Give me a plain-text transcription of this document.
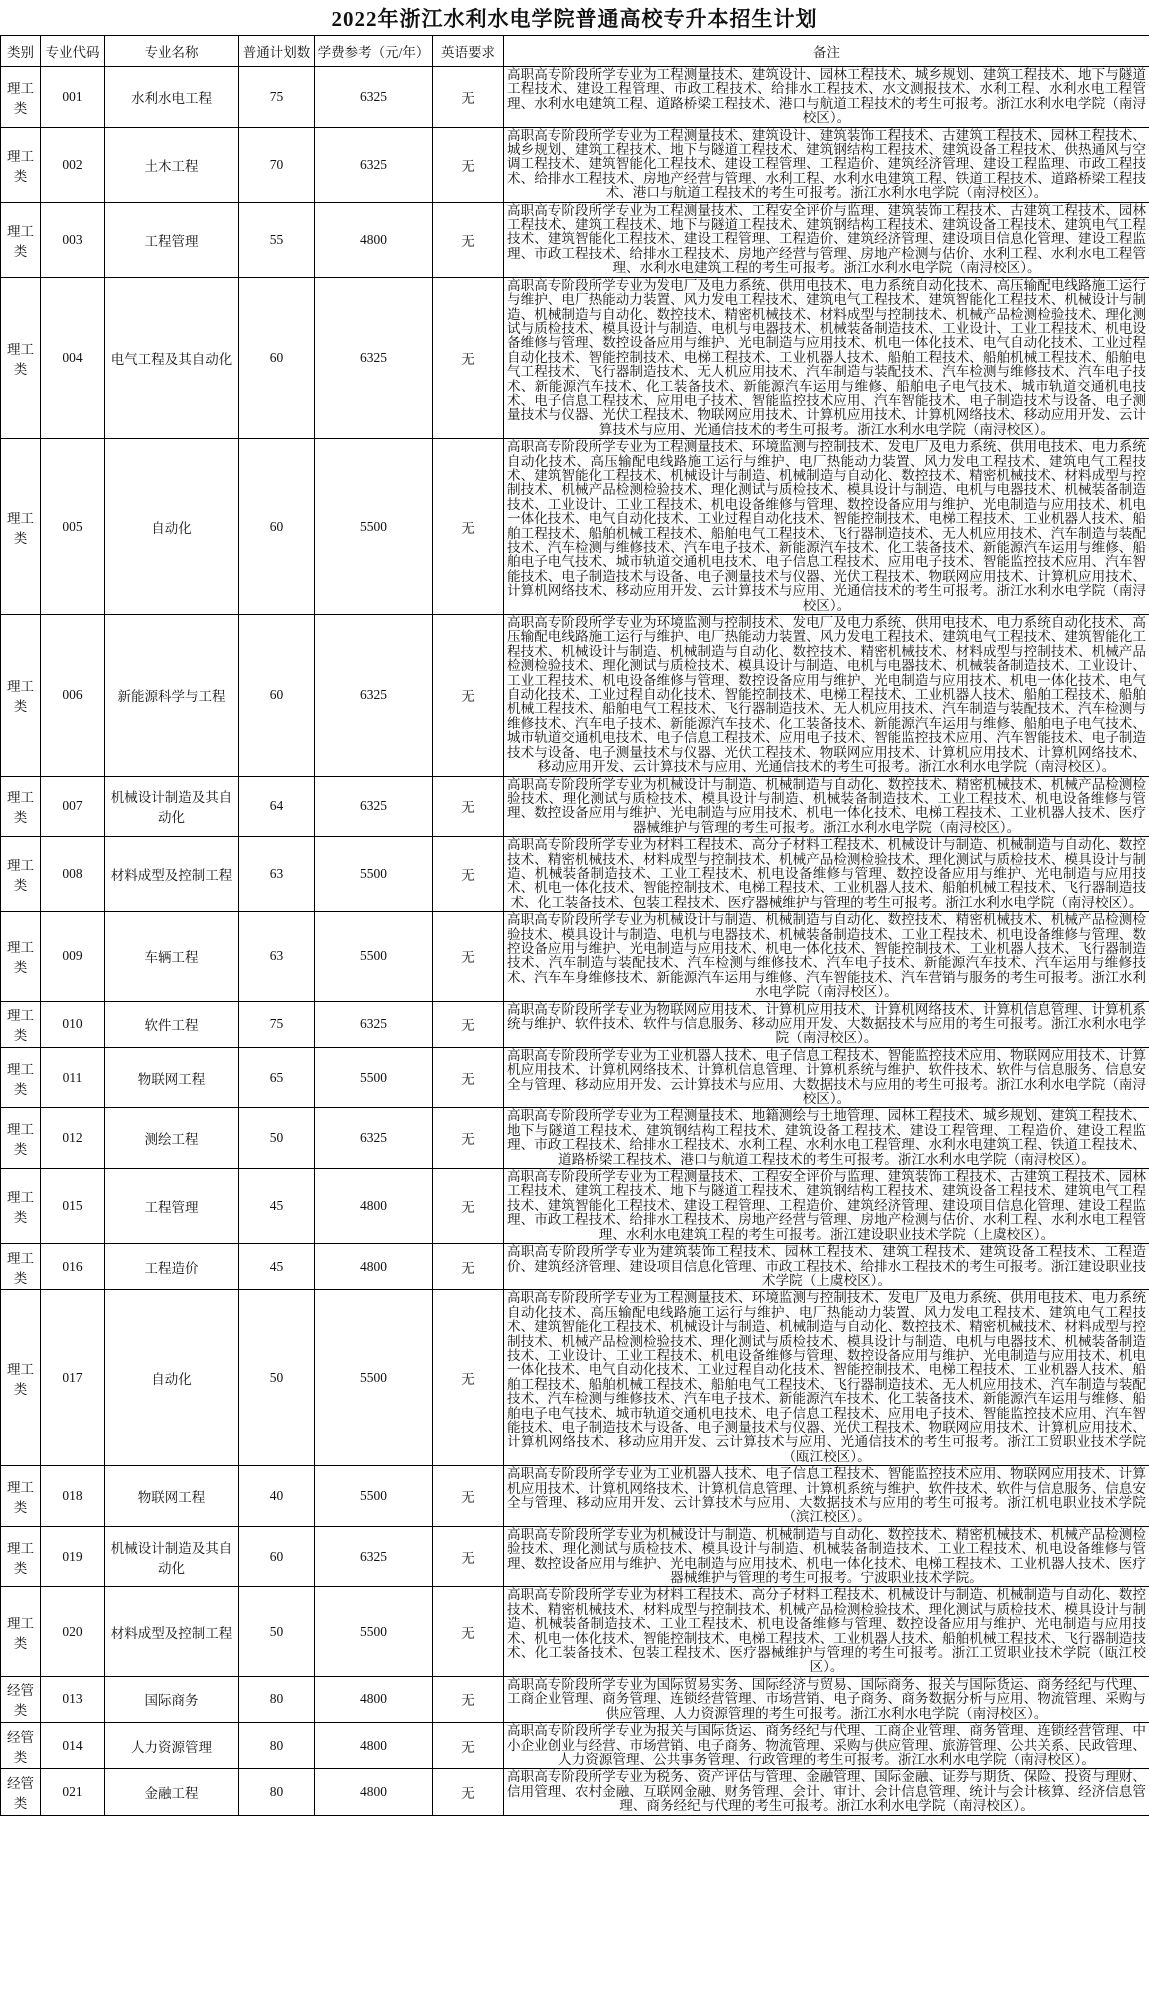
2022年浙江水利水电学院普通高校专升本招生计划
类别	专业代码	专业名称	普通计划数	学费参考（元/年）	英语要求	备注
理工类	001	水利水电工程	75	6325	无	高职高专阶段所学专业为工程测量技术、建筑设计、园林工程技术、城乡规划、建筑工程技术、地下与隧道工程技术、建设工程管理、市政工程技术、给排水工程技术、水文测报技术、水利工程、水利水电工程管理、水利水电建筑工程、道路桥梁工程技术、港口与航道工程技术的考生可报考。浙江水利水电学院（南浔校区）。
理工类	002	土木工程	70	6325	无	高职高专阶段所学专业为工程测量技术、建筑设计、建筑装饰工程技术、古建筑工程技术、园林工程技术、城乡规划、建筑工程技术、地下与隧道工程技术、建筑钢结构工程技术、建筑设备工程技术、供热通风与空调工程技术、建筑智能化工程技术、建设工程管理、工程造价、建筑经济管理、建设工程监理、市政工程技术、给排水工程技术、房地产经营与管理、水利工程、水利水电建筑工程、铁道工程技术、道路桥梁工程技术、港口与航道工程技术的考生可报考。浙江水利水电学院（南浔校区）。
理工类	003	工程管理	55	4800	无	高职高专阶段所学专业为工程测量技术、工程安全评价与监理、建筑装饰工程技术、古建筑工程技术、园林工程技术、建筑工程技术、地下与隧道工程技术、建筑钢结构工程技术、建筑设备工程技术、建筑电气工程技术、建筑智能化工程技术、建设工程管理、工程造价、建筑经济管理、建设项目信息化管理、建设工程监理、市政工程技术、给排水工程技术、房地产经营与管理、房地产检测与估价、水利工程、水利水电工程管理、水利水电建筑工程的考生可报考。浙江水利水电学院（南浔校区）。
理工类	004	电气工程及其自动化	60	6325	无	高职高专阶段所学专业为发电厂及电力系统、供用电技术、电力系统自动化技术、高压输配电线路施工运行与维护、电厂热能动力装置、风力发电工程技术、建筑电气工程技术、建筑智能化工程技术、机械设计与制造、机械制造与自动化、数控技术、精密机械技术、材料成型与控制技术、机械产品检测检验技术、理化测试与质检技术、模具设计与制造、电机与电器技术、机械装备制造技术、工业设计、工业工程技术、机电设备维修与管理、数控设备应用与维护、光电制造与应用技术、机电一体化技术、电气自动化技术、工业过程自动化技术、智能控制技术、电梯工程技术、工业机器人技术、船舶工程技术、船舶机械工程技术、船舶电气工程技术、飞行器制造技术、无人机应用技术、汽车制造与装配技术、汽车检测与维修技术、汽车电子技术、新能源汽车技术、化工装备技术、新能源汽车运用与维修、船舶电子电气技术、城市轨道交通机电技术、电子信息工程技术、应用电子技术、智能监控技术应用、汽车智能技术、电子制造技术与设备、电子测量技术与仪器、光伏工程技术、物联网应用技术、计算机应用技术、计算机网络技术、移动应用开发、云计算技术与应用、光通信技术的考生可报考。浙江水利水电学院（南浔校区）。
理工类	005	自动化	60	5500	无	高职高专阶段所学专业为工程测量技术、环境监测与控制技术、发电厂及电力系统、供用电技术、电力系统自动化技术、高压输配电线路施工运行与维护、电厂热能动力装置、风力发电工程技术、建筑电气工程技术、建筑智能化工程技术、机械设计与制造、机械制造与自动化、数控技术、精密机械技术、材料成型与控制技术、机械产品检测检验技术、理化测试与质检技术、模具设计与制造、电机与电器技术、机械装备制造技术、工业设计、工业工程技术、机电设备维修与管理、数控设备应用与维护、光电制造与应用技术、机电一体化技术、电气自动化技术、工业过程自动化技术、智能控制技术、电梯工程技术、工业机器人技术、船舶工程技术、船舶机械工程技术、船舶电气工程技术、飞行器制造技术、无人机应用技术、汽车制造与装配技术、汽车检测与维修技术、汽车电子技术、新能源汽车技术、化工装备技术、新能源汽车运用与维修、船舶电子电气技术、城市轨道交通机电技术、电子信息工程技术、应用电子技术、智能监控技术应用、汽车智能技术、电子制造技术与设备、电子测量技术与仪器、光伏工程技术、物联网应用技术、计算机应用技术、计算机网络技术、移动应用开发、云计算技术与应用、光通信技术的考生可报考。浙江水利水电学院（南浔校区）。
理工类	006	新能源科学与工程	60	6325	无	高职高专阶段所学专业为环境监测与控制技术、发电厂及电力系统、供用电技术、电力系统自动化技术、高压输配电线路施工运行与维护、电厂热能动力装置、风力发电工程技术、建筑电气工程技术、建筑智能化工程技术、机械设计与制造、机械制造与自动化、数控技术、精密机械技术、材料成型与控制技术、机械产品检测检验技术、理化测试与质检技术、模具设计与制造、电机与电器技术、机械装备制造技术、工业设计、工业工程技术、机电设备维修与管理、数控设备应用与维护、光电制造与应用技术、机电一体化技术、电气自动化技术、工业过程自动化技术、智能控制技术、电梯工程技术、工业机器人技术、船舶工程技术、船舶机械工程技术、船舶电气工程技术、飞行器制造技术、无人机应用技术、汽车制造与装配技术、汽车检测与维修技术、汽车电子技术、新能源汽车技术、化工装备技术、新能源汽车运用与维修、船舶电子电气技术、城市轨道交通机电技术、电子信息工程技术、应用电子技术、智能监控技术应用、汽车智能技术、电子制造技术与设备、电子测量技术与仪器、光伏工程技术、物联网应用技术、计算机应用技术、计算机网络技术、移动应用开发、云计算技术与应用、光通信技术的考生可报考。浙江水利水电学院（南浔校区）。
理工类	007	机械设计制造及其自动化	64	6325	无	高职高专阶段所学专业为机械设计与制造、机械制造与自动化、数控技术、精密机械技术、机械产品检测检验技术、理化测试与质检技术、模具设计与制造、机械装备制造技术、工业工程技术、机电设备维修与管理、数控设备应用与维护、光电制造与应用技术、机电一体化技术、电梯工程技术、工业机器人技术、医疗器械维护与管理的考生可报考。浙江水利水电学院（南浔校区）。
理工类	008	材料成型及控制工程	63	5500	无	高职高专阶段所学专业为材料工程技术、高分子材料工程技术、机械设计与制造、机械制造与自动化、数控技术、精密机械技术、材料成型与控制技术、机械产品检测检验技术、理化测试与质检技术、模具设计与制造、机械装备制造技术、工业工程技术、机电设备维修与管理、数控设备应用与维护、光电制造与应用技术、机电一体化技术、智能控制技术、电梯工程技术、工业机器人技术、船舶机械工程技术、飞行器制造技术、化工装备技术、包装工程技术、医疗器械维护与管理的考生可报考。浙江水利水电学院（南浔校区）。
理工类	009	车辆工程	63	5500	无	高职高专阶段所学专业为机械设计与制造、机械制造与自动化、数控技术、精密机械技术、机械产品检测检验技术、模具设计与制造、电机与电器技术、机械装备制造技术、工业工程技术、机电设备维修与管理、数控设备应用与维护、光电制造与应用技术、机电一体化技术、智能控制技术、工业机器人技术、飞行器制造技术、汽车制造与装配技术、汽车检测与维修技术、汽车电子技术、新能源汽车技术、汽车运用与维修技术、汽车车身维修技术、新能源汽车运用与维修、汽车智能技术、汽车营销与服务的考生可报考。浙江水利水电学院（南浔校区）。
理工类	010	软件工程	75	6325	无	高职高专阶段所学专业为物联网应用技术、计算机应用技术、计算机网络技术、计算机信息管理、计算机系统与维护、软件技术、软件与信息服务、移动应用开发、大数据技术与应用的考生可报考。浙江水利水电学院（南浔校区）。
理工类	011	物联网工程	65	5500	无	高职高专阶段所学专业为工业机器人技术、电子信息工程技术、智能监控技术应用、物联网应用技术、计算机应用技术、计算机网络技术、计算机信息管理、计算机系统与维护、软件技术、软件与信息服务、信息安全与管理、移动应用开发、云计算技术与应用、大数据技术与应用的考生可报考。浙江水利水电学院（南浔校区）。
理工类	012	测绘工程	50	6325	无	高职高专阶段所学专业为工程测量技术、地籍测绘与土地管理、园林工程技术、城乡规划、建筑工程技术、地下与隧道工程技术、建筑钢结构工程技术、建筑设备工程技术、建设工程管理、工程造价、建设工程监理、市政工程技术、给排水工程技术、水利工程、水利水电工程管理、水利水电建筑工程、铁道工程技术、道路桥梁工程技术、港口与航道工程技术的考生可报考。浙江水利水电学院（南浔校区）。
理工类	015	工程管理	45	4800	无	高职高专阶段所学专业为工程测量技术、工程安全评价与监理、建筑装饰工程技术、古建筑工程技术、园林工程技术、建筑工程技术、地下与隧道工程技术、建筑钢结构工程技术、建筑设备工程技术、建筑电气工程技术、建筑智能化工程技术、建设工程管理、工程造价、建筑经济管理、建设项目信息化管理、建设工程监理、市政工程技术、给排水工程技术、房地产经营与管理、房地产检测与估价、水利工程、水利水电工程管理、水利水电建筑工程的考生可报考。浙江建设职业技术学院（上虞校区）。
理工类	016	工程造价	45	4800	无	高职高专阶段所学专业为建筑装饰工程技术、园林工程技术、建筑工程技术、建筑设备工程技术、工程造价、建筑经济管理、建设项目信息化管理、市政工程技术、给排水工程技术的考生可报考。浙江建设职业技术学院（上虞校区）。
理工类	017	自动化	50	5500	无	高职高专阶段所学专业为工程测量技术、环境监测与控制技术、发电厂及电力系统、供用电技术、电力系统自动化技术、高压输配电线路施工运行与维护、电厂热能动力装置、风力发电工程技术、建筑电气工程技术、建筑智能化工程技术、机械设计与制造、机械制造与自动化、数控技术、精密机械技术、材料成型与控制技术、机械产品检测检验技术、理化测试与质检技术、模具设计与制造、电机与电器技术、机械装备制造技术、工业设计、工业工程技术、机电设备维修与管理、数控设备应用与维护、光电制造与应用技术、机电一体化技术、电气自动化技术、工业过程自动化技术、智能控制技术、电梯工程技术、工业机器人技术、船舶工程技术、船舶机械工程技术、船舶电气工程技术、飞行器制造技术、无人机应用技术、汽车制造与装配技术、汽车检测与维修技术、汽车电子技术、新能源汽车技术、化工装备技术、新能源汽车运用与维修、船舶电子电气技术、城市轨道交通机电技术、电子信息工程技术、应用电子技术、智能监控技术应用、汽车智能技术、电子制造技术与设备、电子测量技术与仪器、光伏工程技术、物联网应用技术、计算机应用技术、计算机网络技术、移动应用开发、云计算技术与应用、光通信技术的考生可报考。浙江工贸职业技术学院（瓯江校区）。
理工类	018	物联网工程	40	5500	无	高职高专阶段所学专业为工业机器人技术、电子信息工程技术、智能监控技术应用、物联网应用技术、计算机应用技术、计算机网络技术、计算机信息管理、计算机系统与维护、软件技术、软件与信息服务、信息安全与管理、移动应用开发、云计算技术与应用、大数据技术与应用的考生可报考。浙江机电职业技术学院（滨江校区）。
理工类	019	机械设计制造及其自动化	60	6325	无	高职高专阶段所学专业为机械设计与制造、机械制造与自动化、数控技术、精密机械技术、机械产品检测检验技术、理化测试与质检技术、模具设计与制造、机械装备制造技术、工业工程技术、机电设备维修与管理、数控设备应用与维护、光电制造与应用技术、机电一体化技术、电梯工程技术、工业机器人技术、医疗器械维护与管理的考生可报考。宁波职业技术学院。
理工类	020	材料成型及控制工程	50	5500	无	高职高专阶段所学专业为材料工程技术、高分子材料工程技术、机械设计与制造、机械制造与自动化、数控技术、精密机械技术、材料成型与控制技术、机械产品检测检验技术、理化测试与质检技术、模具设计与制造、机械装备制造技术、工业工程技术、机电设备维修与管理、数控设备应用与维护、光电制造与应用技术、机电一体化技术、智能控制技术、电梯工程技术、工业机器人技术、船舶机械工程技术、飞行器制造技术、化工装备技术、包装工程技术、医疗器械维护与管理的考生可报考。浙江工贸职业技术学院（瓯江校区）。
经管类	013	国际商务	80	4800	无	高职高专阶段所学专业为国际贸易实务、国际经济与贸易、国际商务、报关与国际货运、商务经纪与代理、工商企业管理、商务管理、连锁经营管理、市场营销、电子商务、商务数据分析与应用、物流管理、采购与供应管理、人力资源管理的考生可报考。浙江水利水电学院（南浔校区）。
经管类	014	人力资源管理	80	4800	无	高职高专阶段所学专业为报关与国际货运、商务经纪与代理、工商企业管理、商务管理、连锁经营管理、中小企业创业与经营、市场营销、电子商务、物流管理、采购与供应管理、旅游管理、公共关系、民政管理、人力资源管理、公共事务管理、行政管理的考生可报考。浙江水利水电学院（南浔校区）。
经管类	021	金融工程	80	4800	无	高职高专阶段所学专业为税务、资产评估与管理、金融管理、国际金融、证券与期货、保险、投资与理财、信用管理、农村金融、互联网金融、财务管理、会计、审计、会计信息管理、统计与会计核算、经济信息管理、商务经纪与代理的考生可报考。浙江水利水电学院（南浔校区）。
